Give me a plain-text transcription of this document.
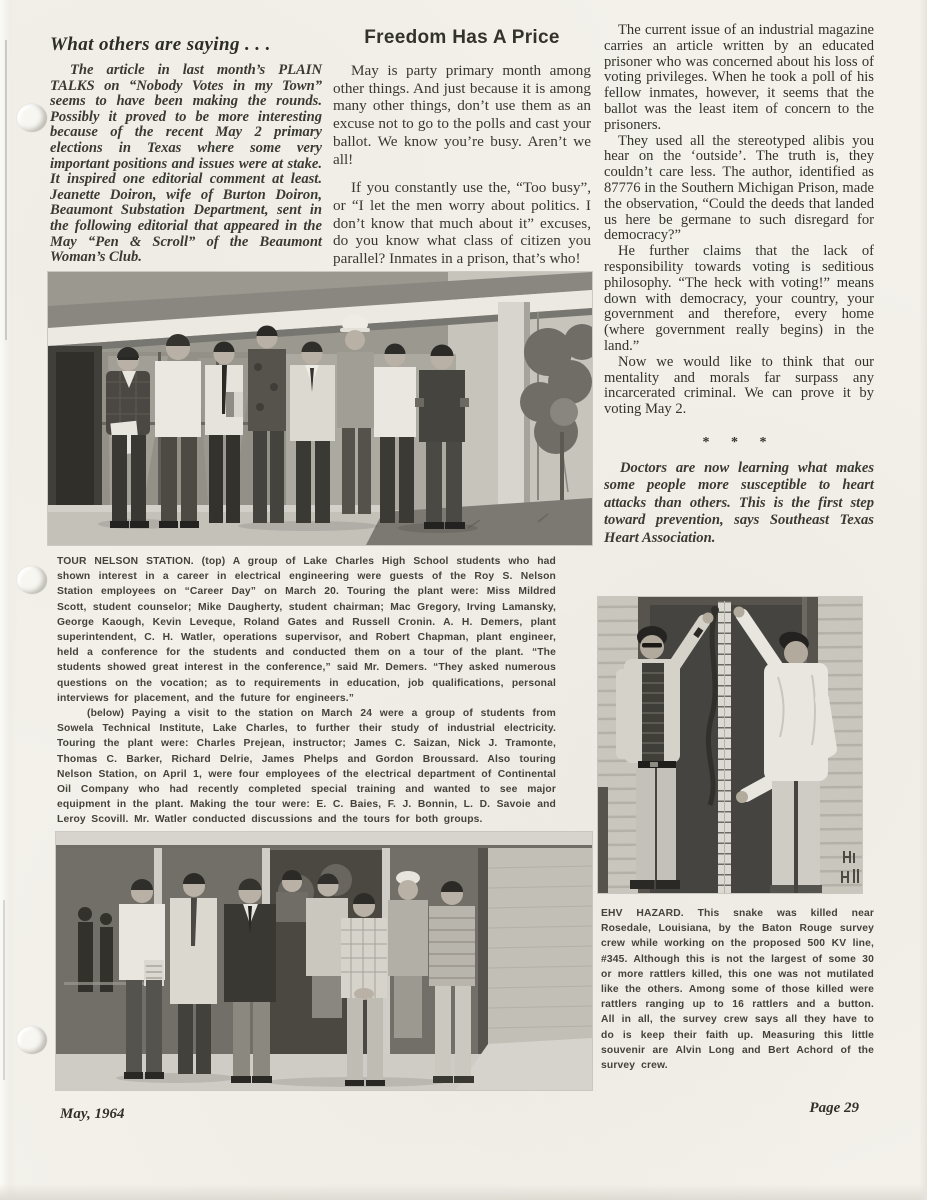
What others are saying . . .

The article in last month’s PLAIN TALKS on “Nobody Votes in my Town” seems to have been making the rounds. Possibly it proved to be more interesting because of the recent May 2 primary elections in Texas where some very important positions and issues were at stake. It inspired one editorial comment at least. Jeanette Doiron, wife of Burton Doiron, Beaumont Substation Department, sent in the following editorial that appeared in the May “Pen & Scroll” of the Beaumont Woman’s Club.

Freedom Has A Price

May is party primary month among other things. And just because it is among many other things, don’t use them as an excuse not to go to the polls and cast your ballot. We know you’re busy. Aren’t we all!

If you constantly use the, “Too busy”, or “I let the men worry about politics. I don’t know that much about it” excuses, do you know what class of citizen you parallel? Inmates in a prison, that’s who!

The current issue of an industrial magazine carries an article written by an educated prisoner who was concerned about his loss of voting privileges. When he took a poll of his fellow inmates, however, it seems that the ballot was the least item of concern to the prisoners.

They used all the stereotyped alibis you hear on the ‘outside’. The truth is, they couldn’t care less. The author, identified as 87776 in the Southern Michigan Prison, made the observation, “Could the deeds that landed us here be germane to such disregard for democracy?”

He further claims that the lack of responsibility towards voting is seditious philosophy. “The heck with voting!” means down with democracy, your country, your government and therefore, every home (where government really begins) in the land.”

Now we would like to think that our mentality and morals far surpass any incarcerated criminal. We can prove it by voting May 2.

* * *

Doctors are now learning what makes some people more susceptible to heart attacks than others. This is the first step toward prevention, says Southeast Texas Heart Association.

TOUR NELSON STATION. (top) A group of Lake Charles High School students who had shown interest in a career in electrical engineering were guests of the Roy S. Nelson Station employees on “Career Day” on March 20. Touring the plant were: Miss Mildred Scott, student counselor; Mike Daugherty, student chairman; Mac Gregory, Irving Lamansky, George Kaough, Kevin Leveque, Roland Gates and Russell Cronin. A. H. Demers, plant superintendent, C. H. Watler, operations supervisor, and Robert Chapman, plant engineer, held a conference for the students and conducted them on a tour of the plant. “The students showed great interest in the conference,” said Mr. Demers. “They asked numerous questions on the vocation; as to requirements in education, job qualifications, personal interviews for placement, and the future for engineers.”

(below) Paying a visit to the station on March 24 were a group of students from Sowela Technical Institute, Lake Charles, to further their study of industrial electricity. Touring the plant were: Charles Prejean, instructor; James C. Saizan, Nick J. Tramonte, Thomas C. Barker, Richard Delrie, James Phelps and Gordon Broussard. Also touring Nelson Station, on April 1, were four employees of the electrical department of Continental Oil Company who had recently completed special training and wanted to see major equipment in the plant. Making the tour were: E. C. Baies, F. J. Bonnin, L. D. Savoie and Leroy Scovill. Mr. Watler conducted discussions and the tours for both groups.

EHV HAZARD. This snake was killed near Rosedale, Louisiana, by the Baton Rouge survey crew while working on the proposed 500 KV line, #345. Although this is not the largest of some 30 or more rattlers killed, this one was not mutilated like the others. Among some of those killed were rattlers ranging up to 16 rattlers and a button. All in all, the survey crew says all they have to do is keep their faith up. Measuring this little souvenir are Alvin Long and Bert Achord of the survey crew.

May, 1964	Page 29
